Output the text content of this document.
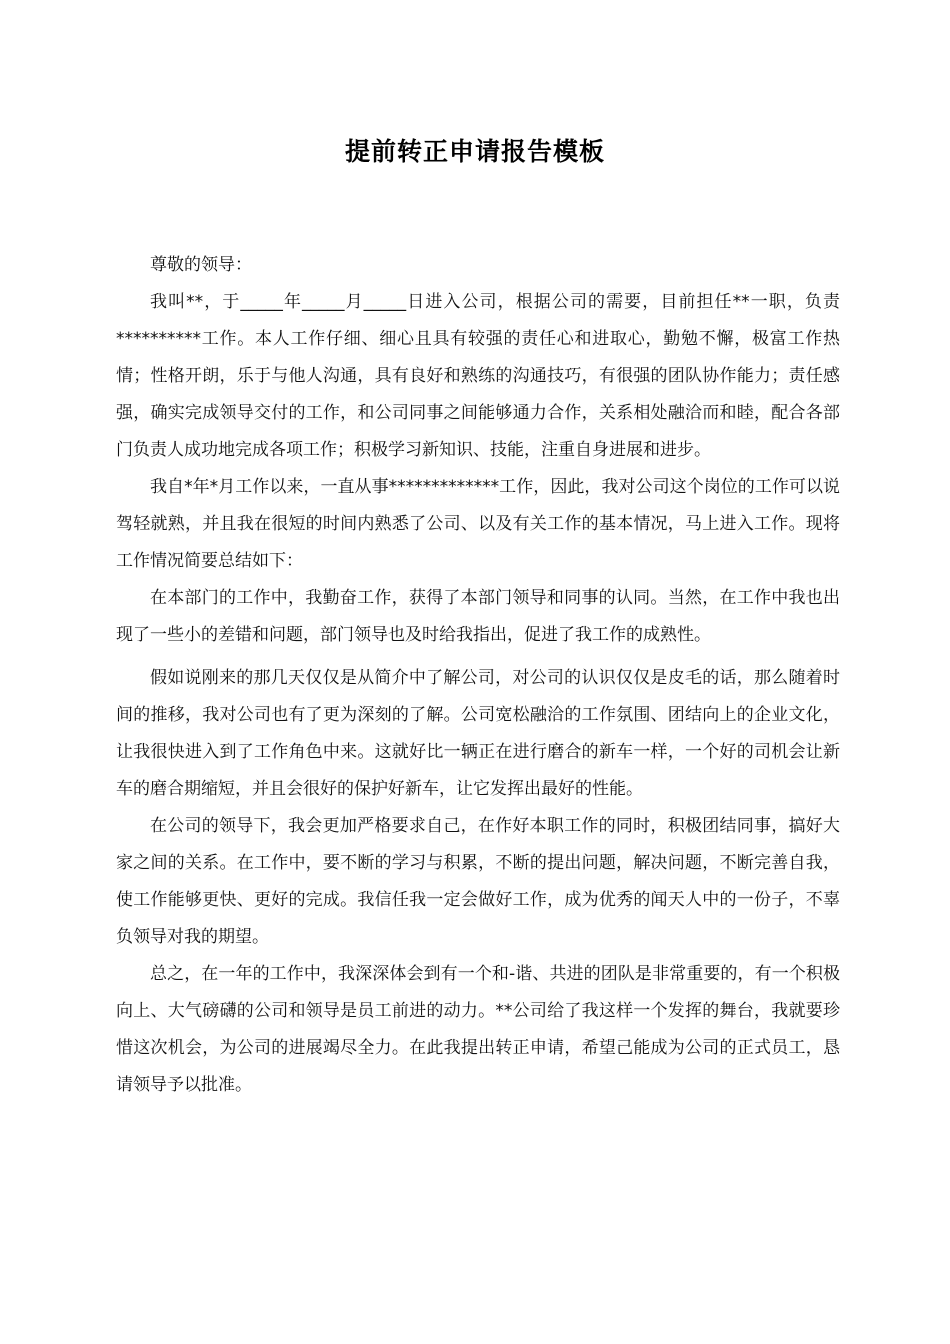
提前转正申请报告模板

尊敬的领导：

我叫**，于_____年_____月_____日进入公司，根据公司的需要，目前担任**一职，负责**********工作。本人工作仔细、细心且具有较强的责任心和进取心，勤勉不懈，极富工作热情；性格开朗，乐于与他人沟通，具有良好和熟练的沟通技巧，有很强的团队协作能力；责任感强，确实完成领导交付的工作，和公司同事之间能够通力合作，关系相处融洽而和睦，配合各部门负责人成功地完成各项工作；积极学习新知识、技能，注重自身进展和进步。

我自*年*月工作以来，一直从事*************工作，因此，我对公司这个岗位的工作可以说驾轻就熟，并且我在很短的时间内熟悉了公司、以及有关工作的基本情况，马上进入工作。现将工作情况简要总结如下：

在本部门的工作中，我勤奋工作，获得了本部门领导和同事的认同。当然，在工作中我也出现了一些小的差错和问题，部门领导也及时给我指出，促进了我工作的成熟性。

假如说刚来的那几天仅仅是从简介中了解公司，对公司的认识仅仅是皮毛的话，那么随着时间的推移，我对公司也有了更为深刻的了解。公司宽松融洽的工作氛围、团结向上的企业文化，让我很快进入到了工作角色中来。这就好比一辆正在进行磨合的新车一样，一个好的司机会让新车的磨合期缩短，并且会很好的保护好新车，让它发挥出最好的性能。

在公司的领导下，我会更加严格要求自己，在作好本职工作的同时，积极团结同事，搞好大家之间的关系。在工作中，要不断的学习与积累，不断的提出问题，解决问题，不断完善自我，使工作能够更快、更好的完成。我信任我一定会做好工作，成为优秀的闻天人中的一份子，不辜负领导对我的期望。

总之，在一年的工作中，我深深体会到有一个和-谐、共进的团队是非常重要的，有一个积极向上、大气磅礴的公司和领导是员工前进的动力。**公司给了我这样一个发挥的舞台，我就要珍惜这次机会，为公司的进展竭尽全力。在此我提出转正申请，希望己能成为公司的正式员工，恳请领导予以批准。
